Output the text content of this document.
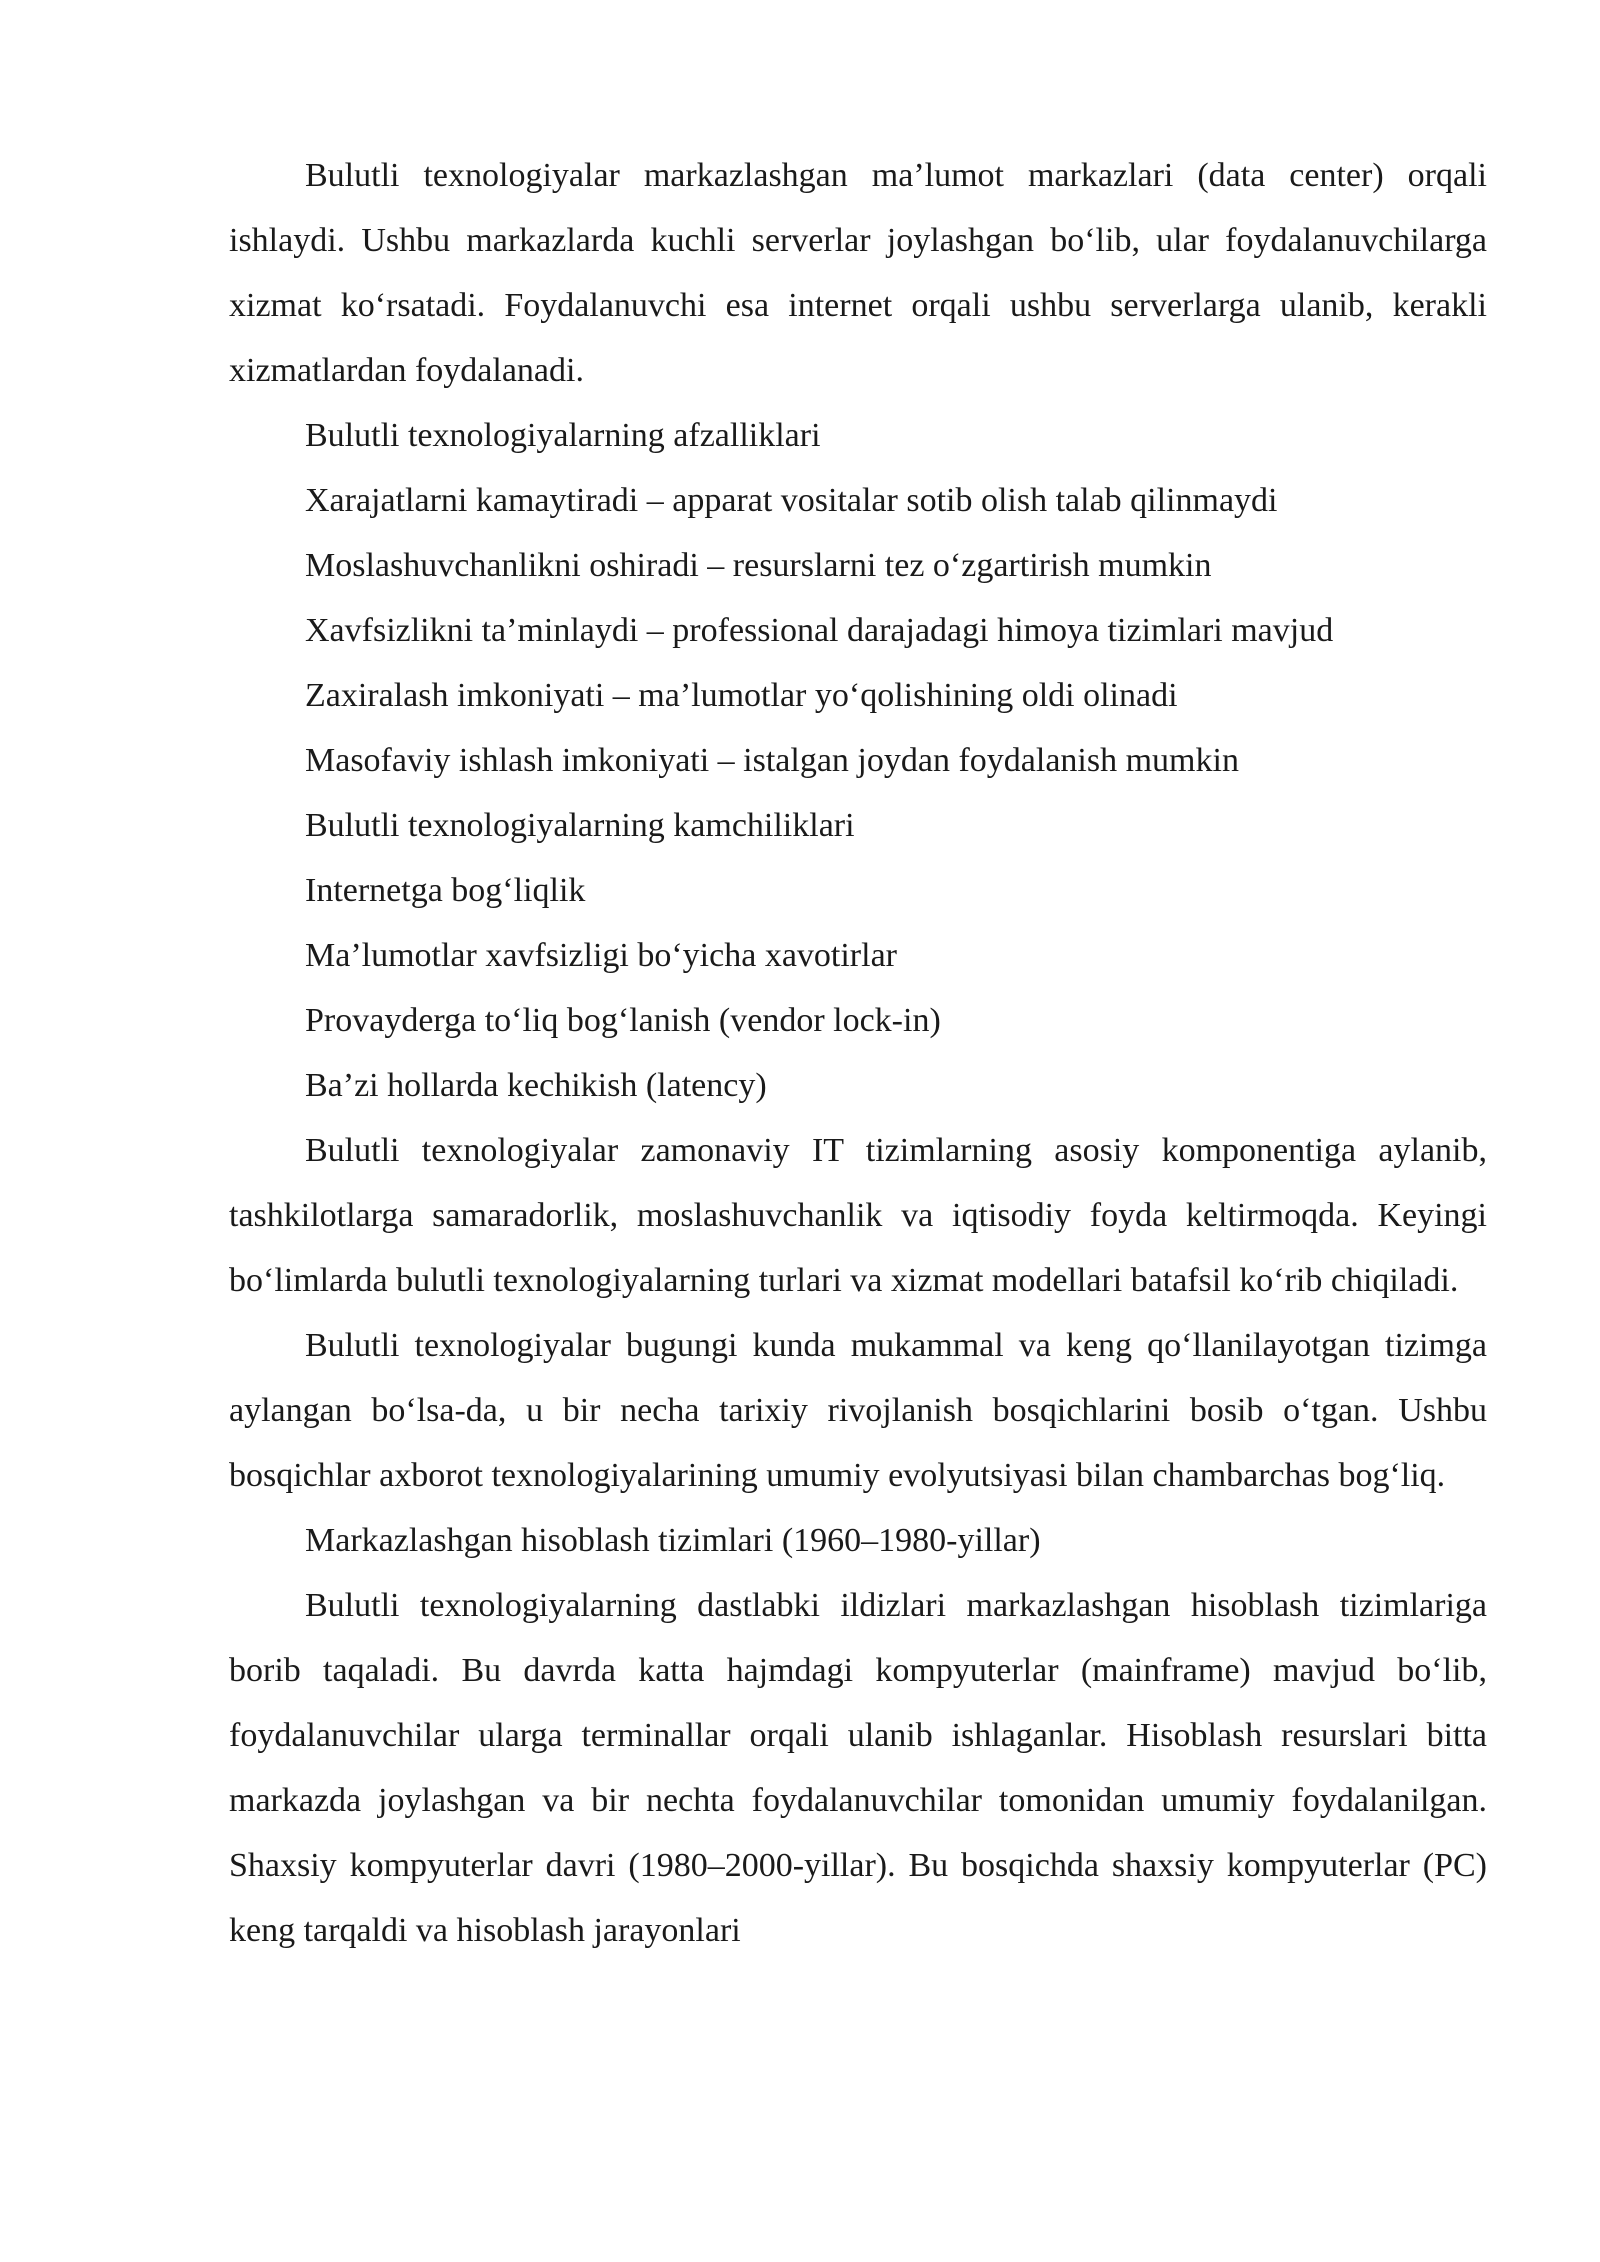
Bulutli texnologiyalar markazlashgan ma’lumot markazlari (data center) orqali ishlaydi. Ushbu markazlarda kuchli serverlar joylashgan bo‘lib, ular foydalanuvchilarga xizmat ko‘rsatadi. Foydalanuvchi esa internet orqali ushbu serverlarga ulanib, kerakli xizmatlardan foydalanadi.

Bulutli texnologiyalarning afzalliklari

Xarajatlarni kamaytiradi – apparat vositalar sotib olish talab qilinmaydi

Moslashuvchanlikni oshiradi – resurslarni tez o‘zgartirish mumkin

Xavfsizlikni ta’minlaydi – professional darajadagi himoya tizimlari mavjud

Zaxiralash imkoniyati – ma’lumotlar yo‘qolishining oldi olinadi

Masofaviy ishlash imkoniyati – istalgan joydan foydalanish mumkin

Bulutli texnologiyalarning kamchiliklari

Internetga bog‘liqlik

Ma’lumotlar xavfsizligi bo‘yicha xavotirlar

Provayderga to‘liq bog‘lanish (vendor lock-in)

Ba’zi hollarda kechikish (latency)

Bulutli texnologiyalar zamonaviy IT tizimlarning asosiy komponentiga aylanib, tashkilotlarga samaradorlik, moslashuvchanlik va iqtisodiy foyda keltirmoqda. Keyingi bo‘limlarda bulutli texnologiyalarning turlari va xizmat modellari batafsil ko‘rib chiqiladi.

Bulutli texnologiyalar bugungi kunda mukammal va keng qo‘llanilayotgan tizimga aylangan bo‘lsa-da, u bir necha tarixiy rivojlanish bosqichlarini bosib o‘tgan. Ushbu bosqichlar axborot texnologiyalarining umumiy evolyutsiyasi bilan chambarchas bog‘liq.

Markazlashgan hisoblash tizimlari (1960–1980-yillar)

Bulutli texnologiyalarning dastlabki ildizlari markazlashgan hisoblash tizimlariga borib taqaladi. Bu davrda katta hajmdagi kompyuterlar (mainframe) mavjud bo‘lib, foydalanuvchilar ularga terminallar orqali ulanib ishlaganlar. Hisoblash resurslari bitta markazda joylashgan va bir nechta foydalanuvchilar tomonidan umumiy foydalanilgan. Shaxsiy kompyuterlar davri (1980–2000-yillar). Bu bosqichda shaxsiy kompyuterlar (PC) keng tarqaldi va hisoblash jarayonlari
